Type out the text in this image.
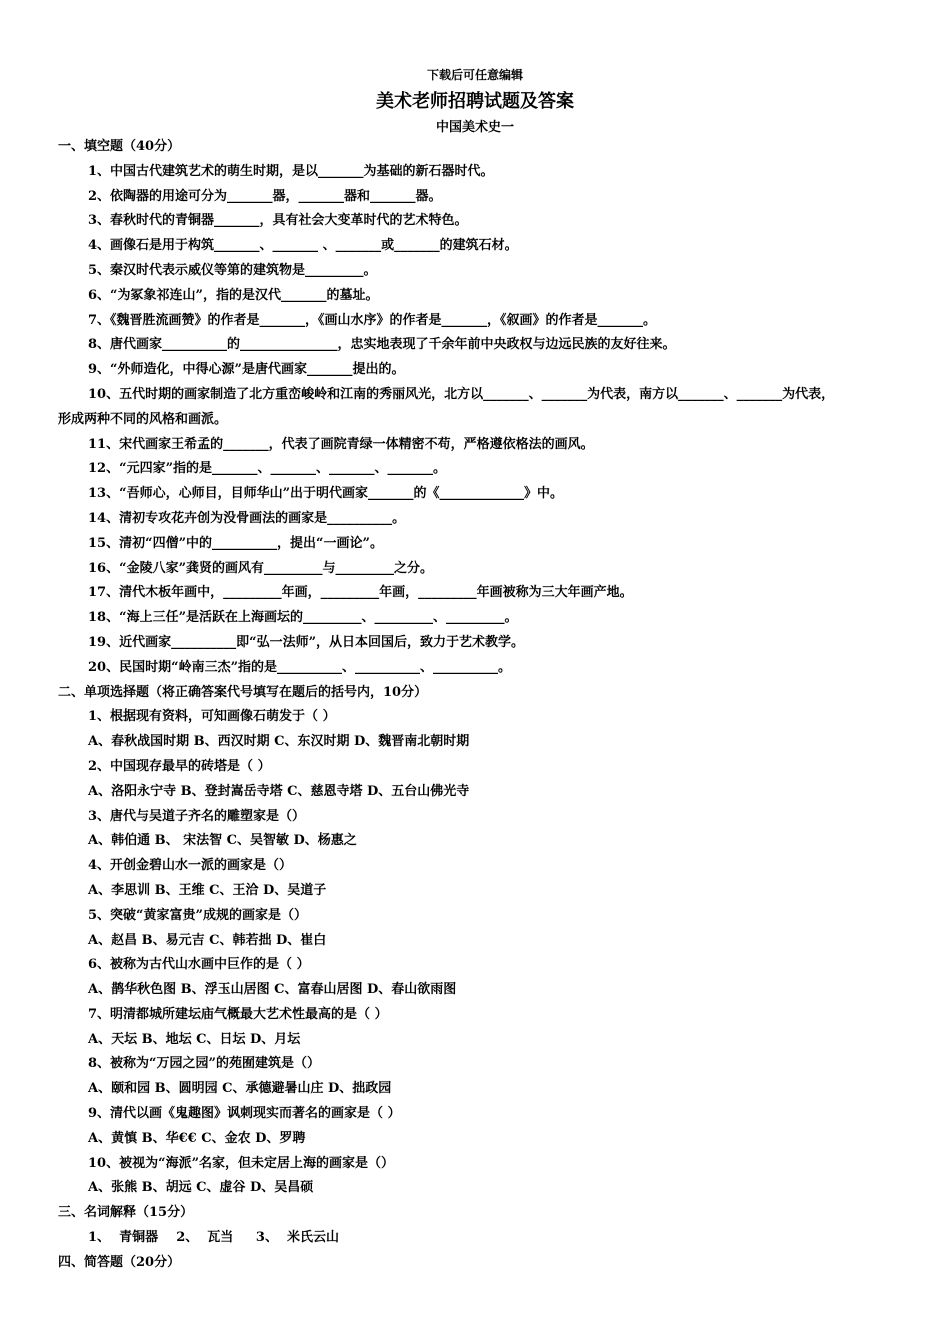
下载后可任意编辑
美术老师招聘试题及答案
中国美术史一
一、填空题（40分）
1、中国古代建筑艺术的萌生时期，是以_______为基础的新石器时代。
2、依陶器的用途可分为_______器，_______器和_______器。
3、春秋时代的青铜器_______，具有社会大变革时代的艺术特色。
4、画像石是用于构筑_______、_______ 、_______或_______的建筑石材。
5、秦汉时代表示威仪等第的建筑物是_________。
6、“为冢象祁连山”，指的是汉代_______的墓址。
7、《魏晋胜流画赞》的作者是_______，《画山水序》的作者是_______，《叙画》的作者是_______。
8、唐代画家__________的_______________，忠实地表现了千余年前中央政权与边远民族的友好往来。
9、“外师造化，中得心源”是唐代画家_______提出的。
10、五代时期的画家制造了北方重峦峻岭和江南的秀丽风光，北方以_______、_______为代表，南方以_______、_______为代表，
形成两种不同的风格和画派。
11、宋代画家王希孟的_______，代表了画院青绿一体精密不苟，严格遵依格法的画风。
12、“元四家”指的是_______、_______、_______、_______。
13、“吾师心，心师目，目师华山”出于明代画家_______的《_____________》中。
14、清初专攻花卉创为没骨画法的画家是__________。
15、清初“四僧”中的__________，提出“一画论”。
16、“金陵八家”龚贤的画风有_________与_________之分。
17、清代木板年画中，_________年画，_________年画，_________年画被称为三大年画产地。
18、“海上三任”是活跃在上海画坛的_________、_________、_________。
19、近代画家__________即“弘一法师”，从日本回国后，致力于艺术教学。
20、民国时期“岭南三杰”指的是__________、__________、__________。
二、单项选择题（将正确答案代号填写在题后的括号内，10分）
1、根据现有资料，可知画像石萌发于（ ）
A、春秋战国时期 B、西汉时期 C、东汉时期 D、魏晋南北朝时期
2、中国现存最早的砖塔是（ ）
A、洛阳永宁寺 B、登封嵩岳寺塔 C、慈恩寺塔 D、五台山佛光寺
3、唐代与吴道子齐名的雕塑家是（）
A、韩伯通 B、 宋法智 C、吴智敏 D、杨惠之
4、开创金碧山水一派的画家是（）
A、李思训 B、王维 C、王洽 D、吴道子
5、突破“黄家富贵”成规的画家是（）
A、赵昌 B、易元吉 C、韩若拙 D、崔白
6、被称为古代山水画中巨作的是（ ）
A、鹊华秋色图 B、浮玉山居图 C、富春山居图 D、春山欲雨图
7、明清都城所建坛庙气概最大艺术性最高的是（ ）
A、天坛 B、地坛 C、日坛 D、月坛
8、被称为“万园之园”的苑囿建筑是（）
A、颐和园 B、圆明园 C、承德避暑山庄 D、拙政园
9、清代以画《鬼趣图》讽刺现实而著名的画家是（ ）
A、黄慎 B、华€€ C、金农 D、罗聘
10、被视为“海派”名家，但未定居上海的画家是（）
A、张熊 B、胡远 C、虚谷 D、吴昌硕
三、名词解释（15分）
1、  青铜器    2、  瓦当     3、  米氏云山
四、简答题（20分）
